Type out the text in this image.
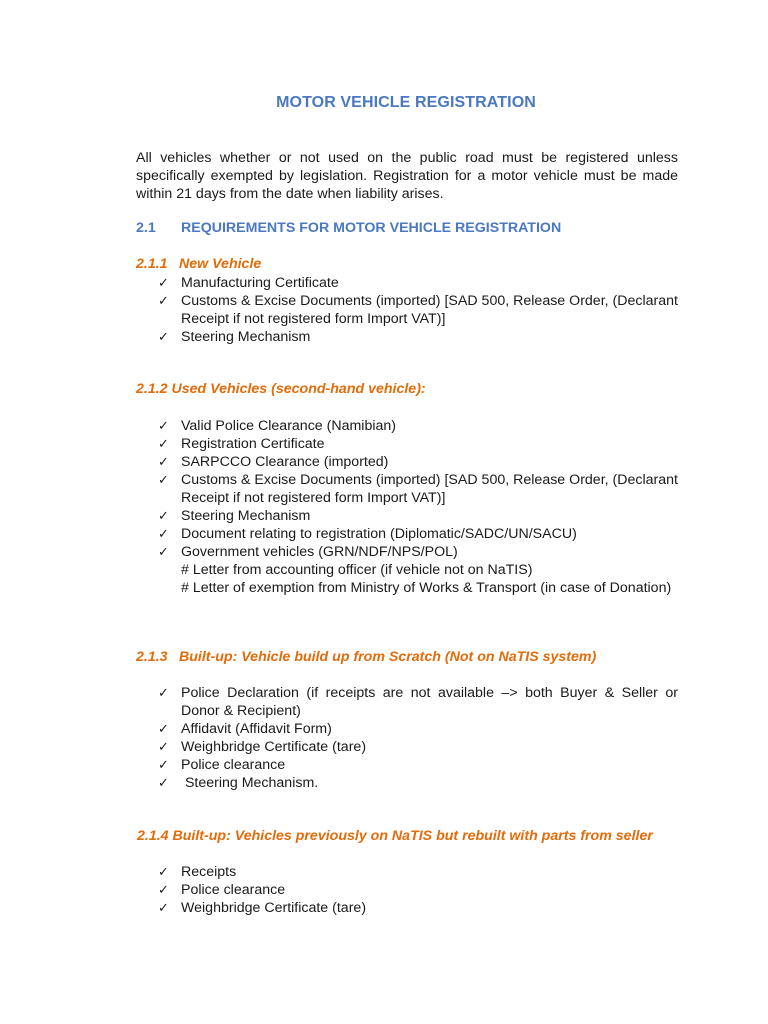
MOTOR VEHICLE REGISTRATION

All vehicles whether or not used on the public road must be registered unless specifically exempted by legislation. Registration for a motor vehicle must be made within 21 days from the date when liability arises.

2.1 REQUIREMENTS FOR MOTOR VEHICLE REGISTRATION
2.1.1 New Vehicle
✓ Manufacturing Certificate
✓ Customs & Excise Documents (imported) [SAD 500, Release Order, (Declarant Receipt if not registered form Import VAT)]
✓ Steering Mechanism
2.1.2 Used Vehicles (second-hand vehicle):
✓ Valid Police Clearance (Namibian)
✓ Registration Certificate
✓ SARPCCO Clearance (imported)
✓ Customs & Excise Documents (imported) [SAD 500, Release Order, (Declarant Receipt if not registered form Import VAT)]
✓ Steering Mechanism
✓ Document relating to registration (Diplomatic/SADC/UN/SACU)
✓ Government vehicles (GRN/NDF/NPS/POL)
# Letter from accounting officer (if vehicle not on NaTIS)
# Letter of exemption from Ministry of Works & Transport (in case of Donation)
2.1.3 Built-up: Vehicle build up from Scratch (Not on NaTIS system)
✓ Police Declaration (if receipts are not available –> both Buyer & Seller or Donor & Recipient)
✓ Affidavit (Affidavit Form)
✓ Weighbridge Certificate (tare)
✓ Police clearance
✓ Steering Mechanism.
2.1.4 Built-up: Vehicles previously on NaTIS but rebuilt with parts from seller
✓ Receipts
✓ Police clearance
✓ Weighbridge Certificate (tare)
